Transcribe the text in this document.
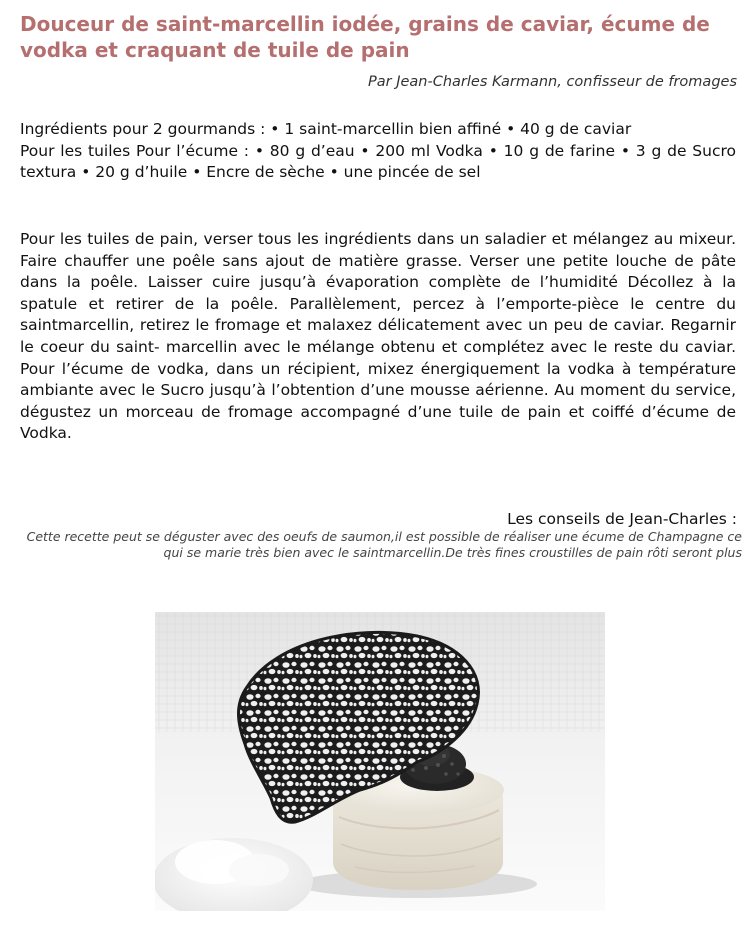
Douceur de saint-marcellin iodée, grains de caviar, écume de vodka et craquant de tuile de pain
Par Jean-Charles Karmann, confisseur de fromages

Ingrédients pour 2 gourmands : • 1 saint-marcellin bien affiné • 40 g de caviar

Pour les tuiles Pour l’écume : • 80 g d’eau • 200 ml Vodka • 10 g de farine • 3 g de Sucro textura • 20 g d’huile • Encre de sèche • une pincée de sel

Pour les tuiles de pain, verser tous les ingrédients dans un saladier et mélangez au mixeur. Faire chauffer une poêle sans ajout de matière grasse. Verser une petite louche de pâte dans la poêle. Laisser cuire jusqu’à évaporation complète de l’humidité Décollez à la spatule et retirer de la poêle. Parallèlement, percez à l’emporte-pièce le centre du saintmarcellin, retirez le fromage et malaxez délicatement avec un peu de caviar. Regarnir le coeur du saint- marcellin avec le mélange obtenu et complétez avec le reste du caviar. Pour l’écume de vodka, dans un récipient, mixez énergiquement la vodka à température ambiante avec le Sucro jusqu’à l’obtention d’une mousse aérienne. Au moment du service, dégustez un morceau de fromage accompagné d’une tuile de pain et coiffé d’écume de Vodka.

Les conseils de Jean-Charles :

Cette recette peut se déguster avec des oeufs de saumon,il est possible de réaliser une écume de Champagne ce qui se marie très bien avec le saintmarcellin.De très fines croustilles de pain rôti seront plus
